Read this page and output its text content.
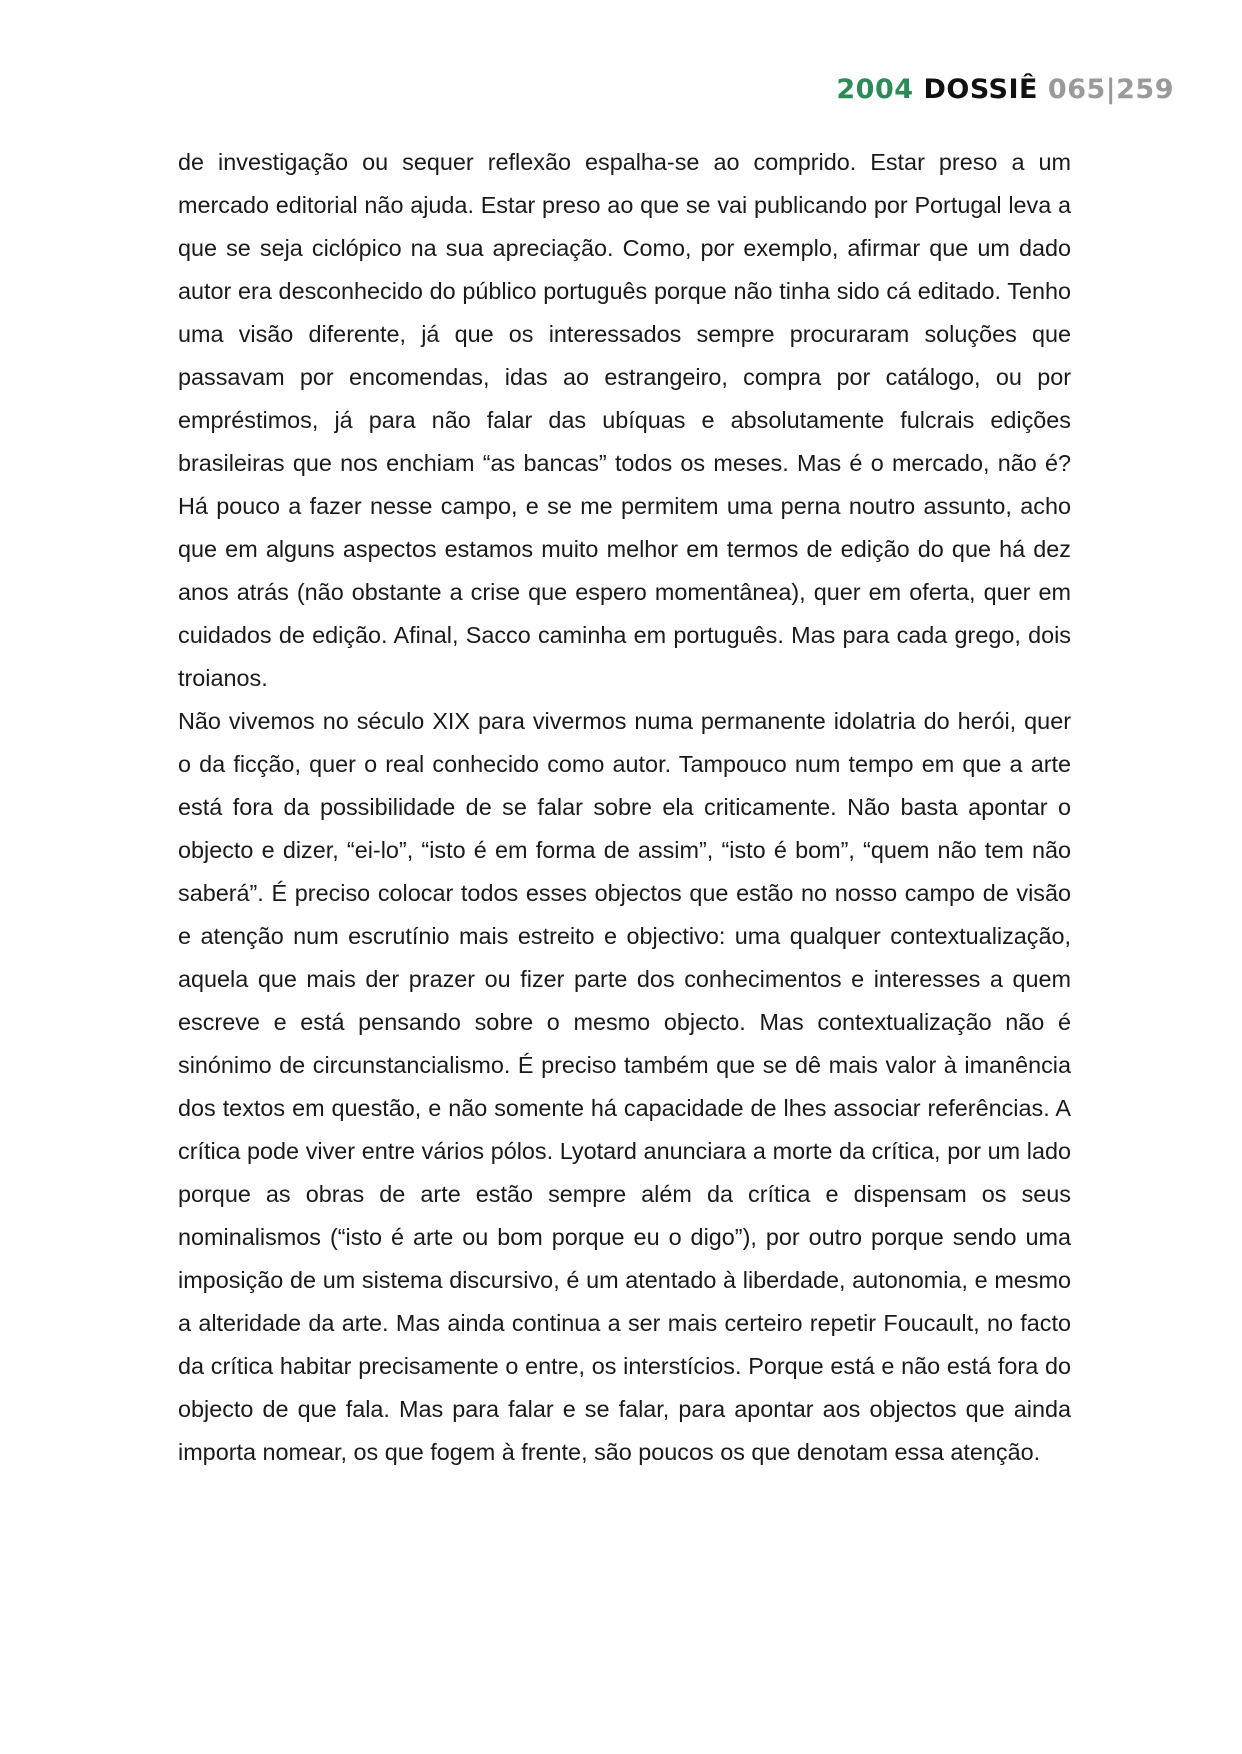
2004 DOSSIÊ 065|259

de investigação ou sequer reflexão espalha-se ao comprido. Estar preso a um mercado editorial não ajuda. Estar preso ao que se vai publicando por Portugal leva a que se seja ciclópico na sua apreciação. Como, por exemplo, afirmar que um dado autor era desconhecido do público português porque não tinha sido cá editado. Tenho uma visão diferente, já que os interessados sempre procuraram soluções que passavam por encomendas, idas ao estrangeiro, compra por catálogo, ou por empréstimos, já para não falar das ubíquas e absolutamente fulcrais edições brasileiras que nos enchiam “as bancas” todos os meses. Mas é o mercado, não é? Há pouco a fazer nesse campo, e se me permitem uma perna noutro assunto, acho que em alguns aspectos estamos muito melhor em termos de edição do que há dez anos atrás (não obstante a crise que espero momentânea), quer em oferta, quer em cuidados de edição. Afinal, Sacco caminha em português. Mas para cada grego, dois troianos.

Não vivemos no século XIX para vivermos numa permanente idolatria do herói, quer o da ficção, quer o real conhecido como autor. Tampouco num tempo em que a arte está fora da possibilidade de se falar sobre ela criticamente. Não basta apontar o objecto e dizer, “ei-lo”, “isto é em forma de assim”, “isto é bom”, “quem não tem não saberá”. É preciso colocar todos esses objectos que estão no nosso campo de visão e atenção num escrutínio mais estreito e objectivo: uma qualquer contextualização, aquela que mais der prazer ou fizer parte dos conhecimentos e interesses a quem escreve e está pensando sobre o mesmo objecto. Mas contextualização não é sinónimo de circunstancialismo. É preciso também que se dê mais valor à imanência dos textos em questão, e não somente há capacidade de lhes associar referências. A crítica pode viver entre vários pólos. Lyotard anunciara a morte da crítica, por um lado porque as obras de arte estão sempre além da crítica e dispensam os seus nominalismos (“isto é arte ou bom porque eu o digo”), por outro porque sendo uma imposição de um sistema discursivo, é um atentado à liberdade, autonomia, e mesmo a alteridade da arte. Mas ainda continua a ser mais certeiro repetir Foucault, no facto da crítica habitar precisamente o entre, os interstícios. Porque está e não está fora do objecto de que fala. Mas para falar e se falar, para apontar aos objectos que ainda importa nomear, os que fogem à frente, são poucos os que denotam essa atenção.
